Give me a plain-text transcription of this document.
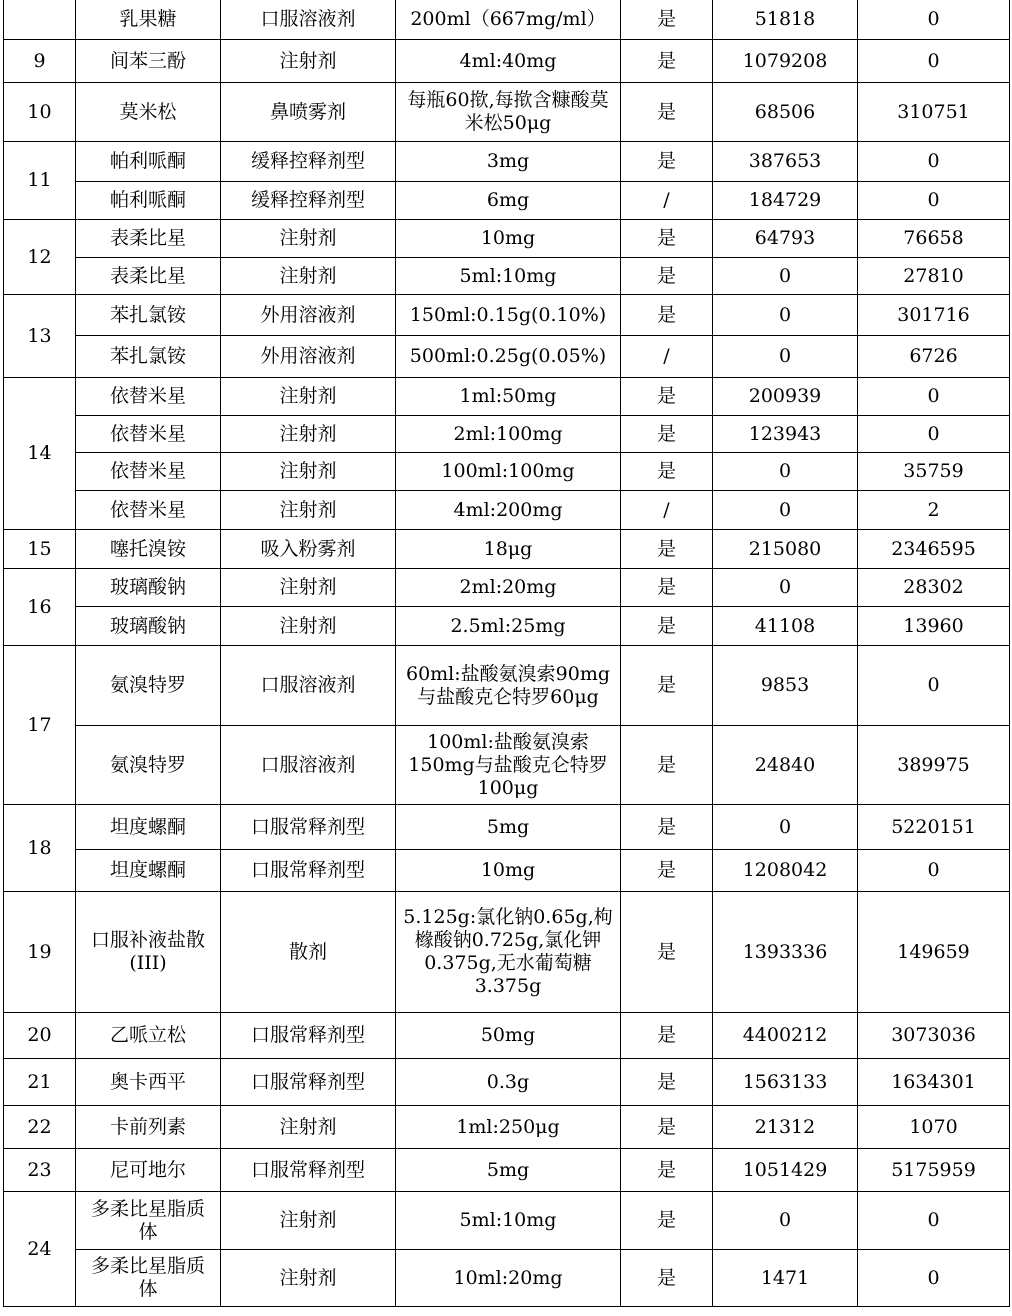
	乳果糖	口服溶液剂	200ml（667mg/ml）	是	51818	0
9	间苯三酚	注射剂	4ml:40mg	是	1079208	0
10	莫米松	鼻喷雾剂	每瓶60揿,每揿含糠酸莫米松50μg	是	68506	310751
11	帕利哌酮	缓释控释剂型	3mg	是	387653	0
	帕利哌酮	缓释控释剂型	6mg	/	184729	0
12	表柔比星	注射剂	10mg	是	64793	76658
	表柔比星	注射剂	5ml:10mg	是	0	27810
13	苯扎氯铵	外用溶液剂	150ml:0.15g(0.10%)	是	0	301716
	苯扎氯铵	外用溶液剂	500ml:0.25g(0.05%)	/	0	6726
14	依替米星	注射剂	1ml:50mg	是	200939	0
	依替米星	注射剂	2ml:100mg	是	123943	0
	依替米星	注射剂	100ml:100mg	是	0	35759
	依替米星	注射剂	4ml:200mg	/	0	2
15	噻托溴铵	吸入粉雾剂	18μg	是	215080	2346595
16	玻璃酸钠	注射剂	2ml:20mg	是	0	28302
	玻璃酸钠	注射剂	2.5ml:25mg	是	41108	13960
17	氨溴特罗	口服溶液剂	60ml:盐酸氨溴索90mg与盐酸克仑特罗60μg	是	9853	0
	氨溴特罗	口服溶液剂	100ml:盐酸氨溴索150mg与盐酸克仑特罗100μg	是	24840	389975
18	坦度螺酮	口服常释剂型	5mg	是	0	5220151
	坦度螺酮	口服常释剂型	10mg	是	1208042	0
19	口服补液盐散(III)	散剂	5.125g:氯化钠0.65g,枸橼酸钠0.725g,氯化钾0.375g,无水葡萄糖3.375g	是	1393336	149659
20	乙哌立松	口服常释剂型	50mg	是	4400212	3073036
21	奥卡西平	口服常释剂型	0.3g	是	1563133	1634301
22	卡前列素	注射剂	1ml:250μg	是	21312	1070
23	尼可地尔	口服常释剂型	5mg	是	1051429	5175959
24	多柔比星脂质体	注射剂	5ml:10mg	是	0	0
	多柔比星脂质体	注射剂	10ml:20mg	是	1471	0
